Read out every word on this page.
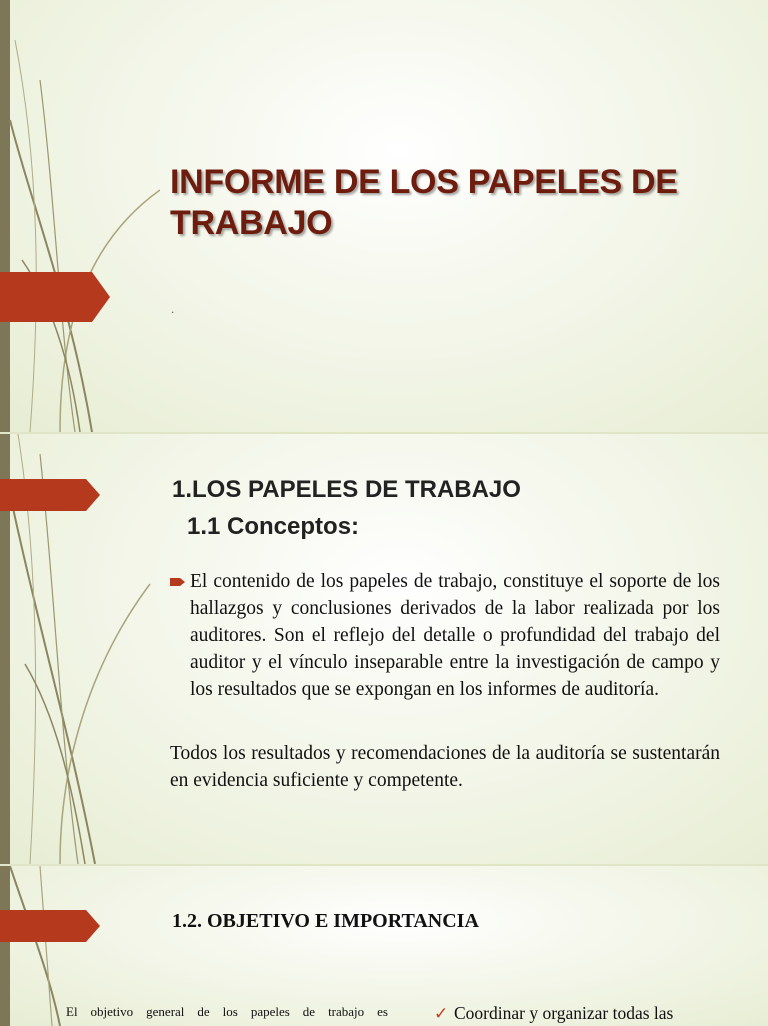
INFORME DE LOS PAPELES DE TRABAJO
.
1.LOS PAPELES DE TRABAJO
1.1 Conceptos:

El contenido de los papeles de trabajo, constituye el soporte de los hallazgos y conclusiones derivados de la labor realizada por los auditores. Son el reflejo del detalle o profundidad del trabajo del auditor y el vínculo inseparable entre la investigación de campo y los resultados que se expongan en los informes de auditoría.

Todos los resultados y recomendaciones de la auditoría se sustentarán en evidencia suficiente y competente.

1.2. OBJETIVO E IMPORTANCIA

El objetivo general de los papeles de trabajo es	✓ Coordinar y organizar todas las
